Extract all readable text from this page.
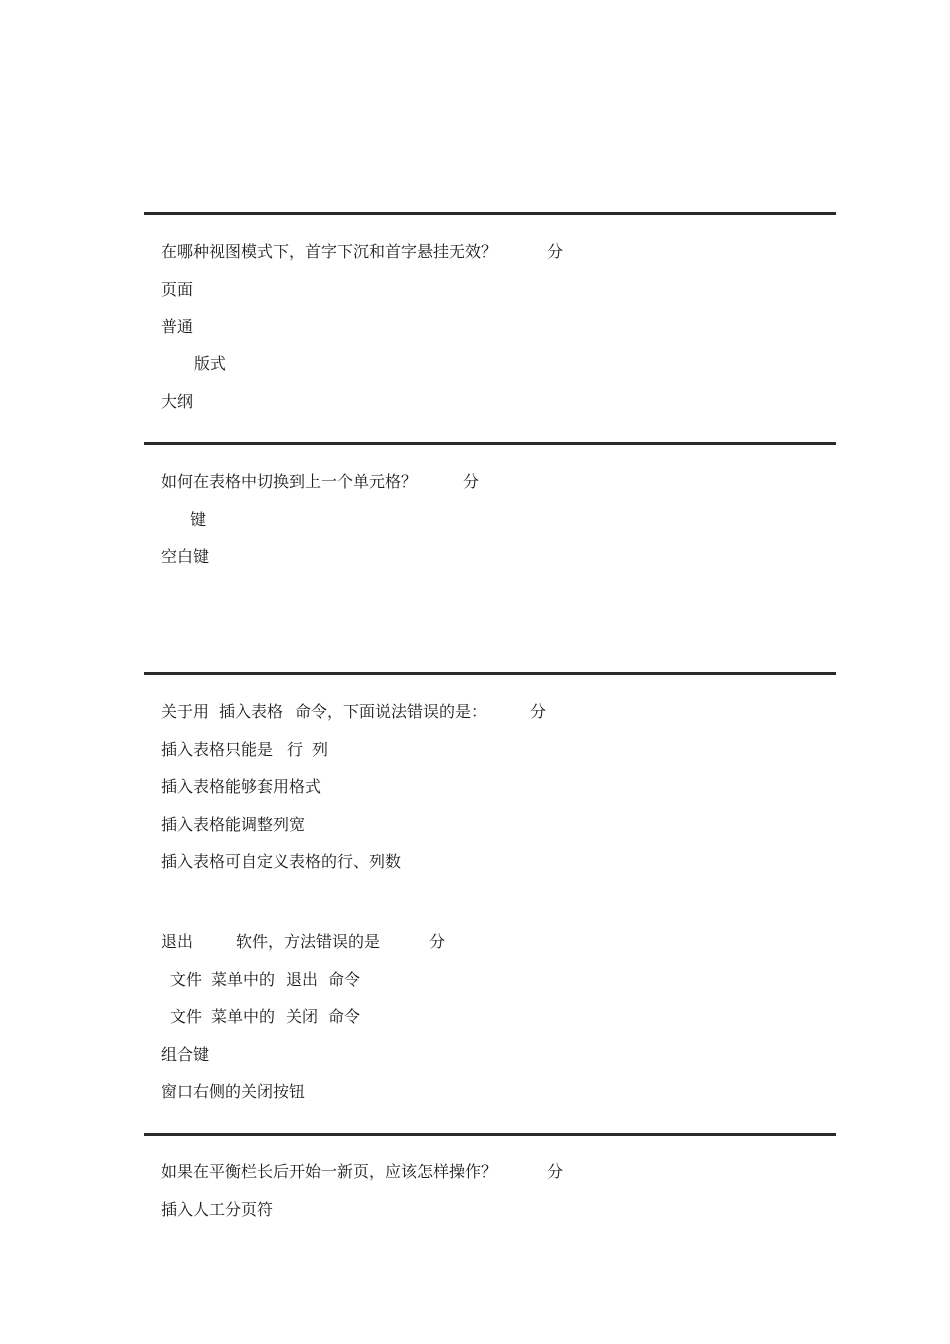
在哪种视图模式下，首字下沉和首字悬挂无效？	分
页面
普通
版式
大纲
如何在表格中切换到上一个单元格？	分
键
空白键
关于用 插入表格 命令，下面说法错误的是：	分
插入表格只能是 行 列
插入表格能够套用格式
插入表格能调整列宽
插入表格可自定义表格的行、列数
退出	软件，方法错误的是	分
文件 菜单中的 退出 命令
文件 菜单中的 关闭 命令
组合键
窗口右侧的关闭按钮
如果在平衡栏长后开始一新页，应该怎样操作？	分
插入人工分页符
